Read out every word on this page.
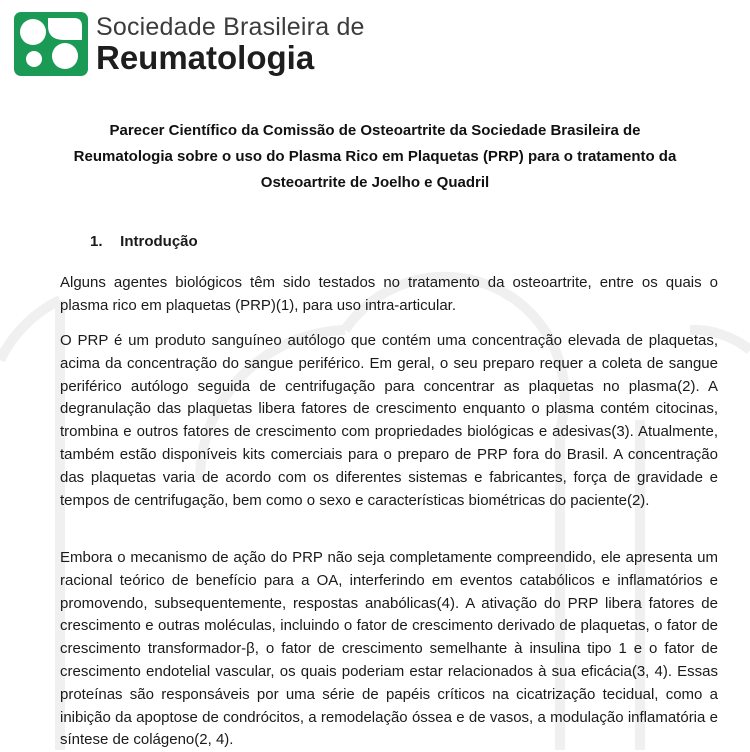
Sociedade Brasileira de
Reumatologia
Parecer Científico da Comissão de Osteoartrite da Sociedade Brasileira de
Reumatologia sobre o uso do Plasma Rico em Plaquetas (PRP) para o tratamento da
Osteoartrite de Joelho e Quadril
1. Introdução

Alguns agentes biológicos têm sido testados no tratamento da osteoartrite, entre os quais o plasma rico em plaquetas (PRP)(1), para uso intra-articular.

O PRP é um produto sanguíneo autólogo que contém uma concentração elevada de plaquetas, acima da concentração do sangue periférico. Em geral, o seu preparo requer a coleta de sangue periférico autólogo seguida de centrifugação para concentrar as plaquetas no plasma(2). A degranulação das plaquetas libera fatores de crescimento enquanto o plasma contém citocinas, trombina e outros fatores de crescimento com propriedades biológicas e adesivas(3). Atualmente, também estão disponíveis kits comerciais para o preparo de PRP fora do Brasil. A concentração das plaquetas varia de acordo com os diferentes sistemas e fabricantes, força de gravidade e tempos de centrifugação, bem como o sexo e características biométricas do paciente(2).

Embora o mecanismo de ação do PRP não seja completamente compreendido, ele apresenta um racional teórico de benefício para a OA, interferindo em eventos catabólicos e inflamatórios e promovendo, subsequentemente, respostas anabólicas(4). A ativação do PRP libera fatores de crescimento e outras moléculas, incluindo o fator de crescimento derivado de plaquetas, o fator de crescimento transformador-β, o fator de crescimento semelhante à insulina tipo 1 e o fator de crescimento endotelial vascular, os quais poderiam estar relacionados à sua eficácia(3, 4). Essas proteínas são responsáveis por uma série de papéis críticos na cicatrização tecidual, como a inibição da apoptose de condrócitos, a remodelação óssea e de vasos, a modulação inflamatória e síntese de colágeno(2, 4).
